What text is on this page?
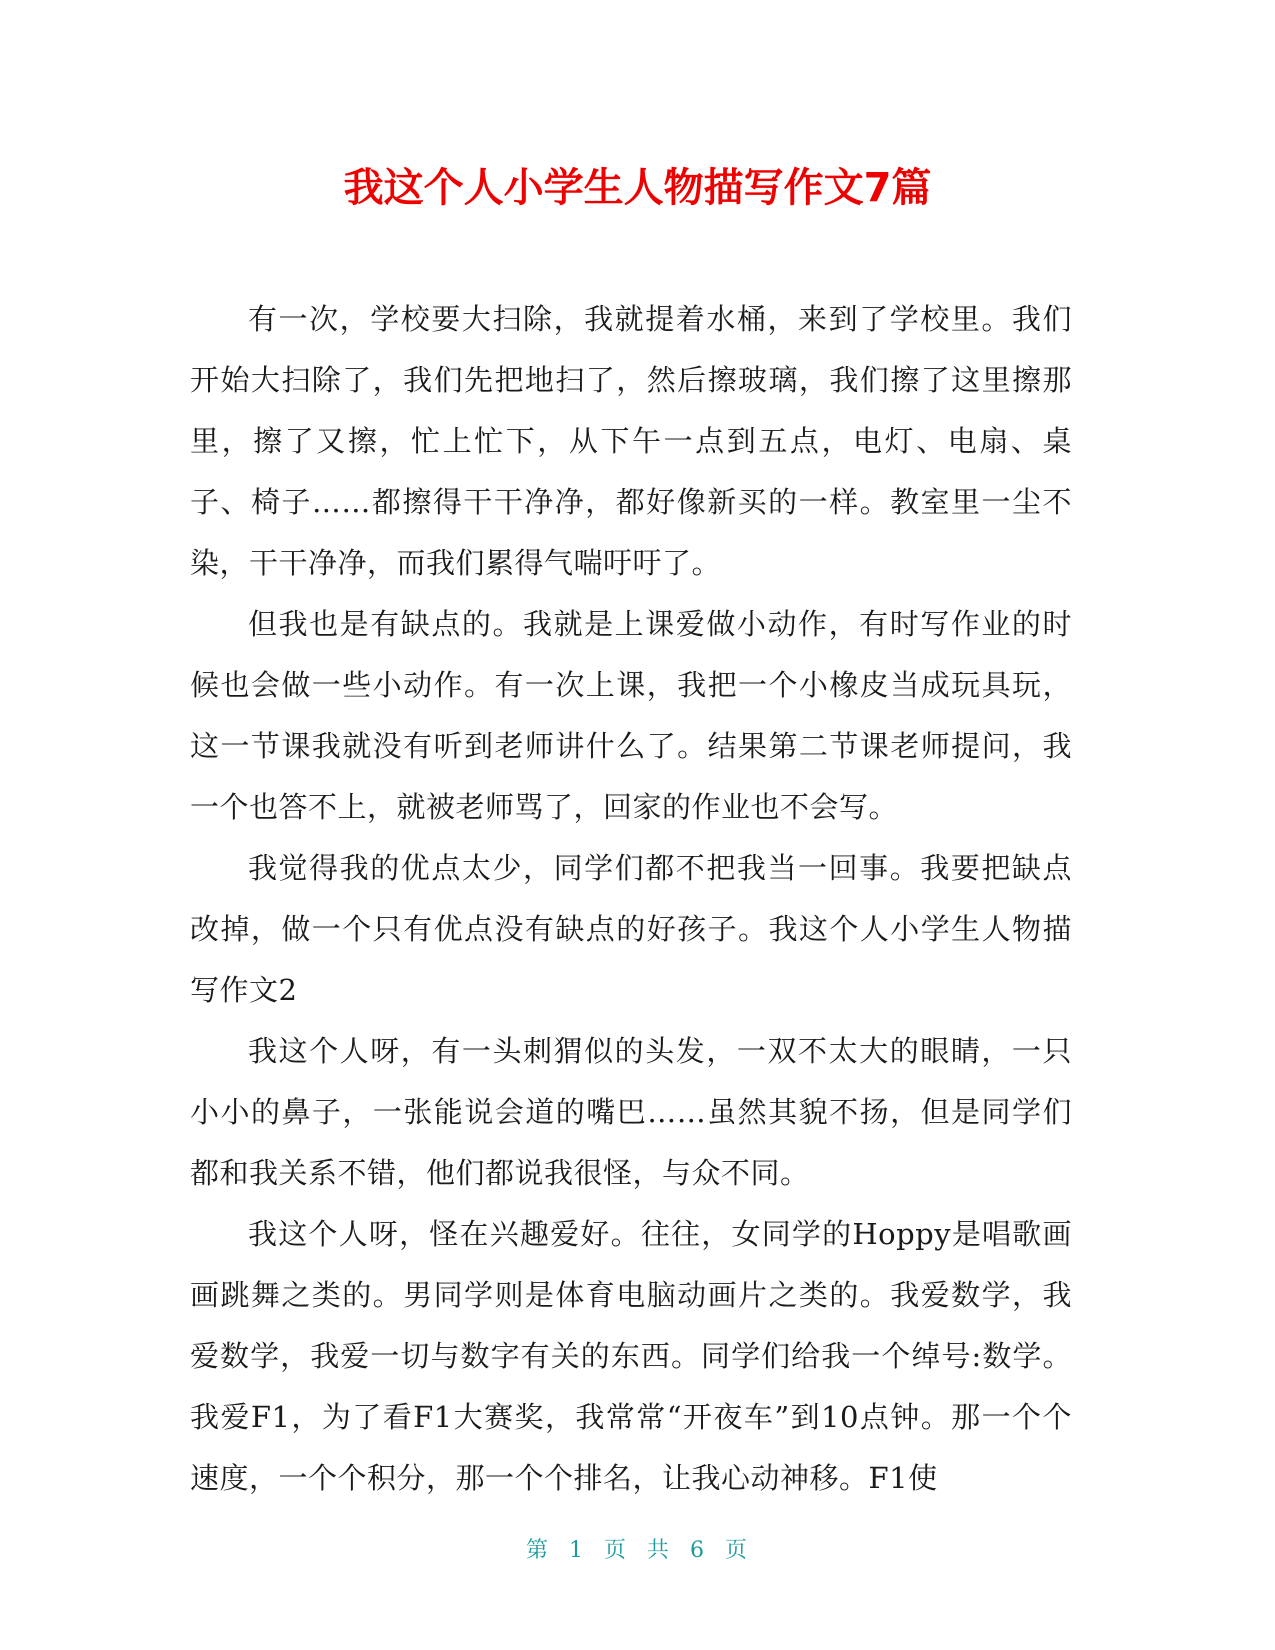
我这个人小学生人物描写作文7篇

有一次，学校要大扫除，我就提着水桶，来到了学校里。我们开始大扫除了，我们先把地扫了，然后擦玻璃，我们擦了这里擦那里，擦了又擦，忙上忙下，从下午一点到五点，电灯、电扇、桌子、椅子……都擦得干干净净，都好像新买的一样。教室里一尘不染，干干净净，而我们累得气喘吁吁了。

但我也是有缺点的。我就是上课爱做小动作，有时写作业的时候也会做一些小动作。有一次上课，我把一个小橡皮当成玩具玩，这一节课我就没有听到老师讲什么了。结果第二节课老师提问，我一个也答不上，就被老师骂了，回家的作业也不会写。

我觉得我的优点太少，同学们都不把我当一回事。我要把缺点改掉，做一个只有优点没有缺点的好孩子。我这个人小学生人物描写作文2

我这个人呀，有一头刺猬似的头发，一双不太大的眼睛，一只小小的鼻子，一张能说会道的嘴巴……虽然其貌不扬，但是同学们都和我关系不错，他们都说我很怪，与众不同。

我这个人呀，怪在兴趣爱好。往往，女同学的Hoppy是唱歌画画跳舞之类的。男同学则是体育电脑动画片之类的。我爱数学，我爱数学，我爱一切与数字有关的东西。同学们给我一个绰号:数学。我爱F1，为了看F1大赛奖，我常常“开夜车”到10点钟。那一个个速度，一个个积分，那一个个排名，让我心动神移。F1使

第 1 页 共 6 页
